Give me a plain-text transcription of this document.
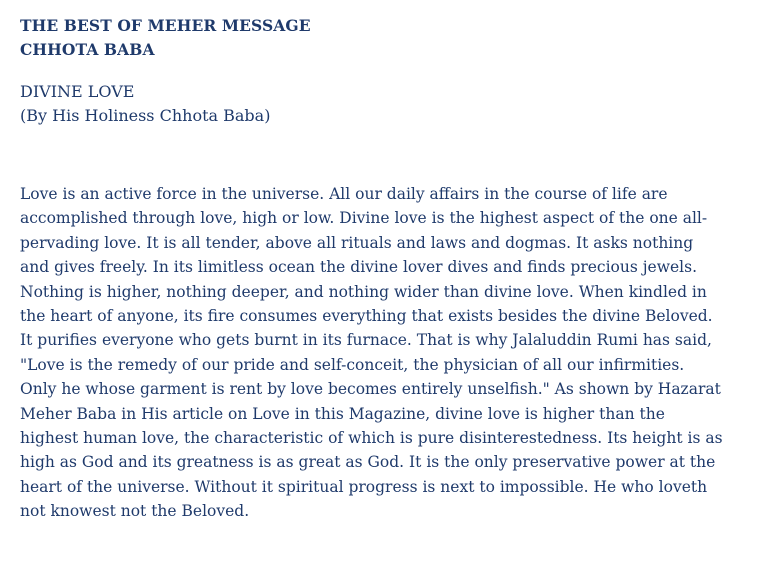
THE BEST OF MEHER MESSAGE
CHHOTA BABA
DIVINE LOVE
(By His Holiness Chhota Baba)
Love is an active force in the universe. All our daily affairs in the course of life are
accomplished through love, high or low. Divine love is the highest aspect of the one all-
pervading love. It is all tender, above all rituals and laws and dogmas. It asks nothing
and gives freely. In its limitless ocean the divine lover dives and finds precious jewels.
Nothing is higher, nothing deeper, and nothing wider than divine love. When kindled in
the heart of anyone, its fire consumes everything that exists besides the divine Beloved.
It purifies everyone who gets burnt in its furnace. That is why Jalaluddin Rumi has said,
"Love is the remedy of our pride and self-conceit, the physician of all our infirmities.
Only he whose garment is rent by love becomes entirely unselfish." As shown by Hazarat
Meher Baba in His article on Love in this Magazine, divine love is higher than the
highest human love, the characteristic of which is pure disinterestedness. Its height is as
high as God and its greatness is as great as God. It is the only preservative power at the
heart of the universe. Without it spiritual progress is next to impossible. He who loveth
not knowest not the Beloved.
